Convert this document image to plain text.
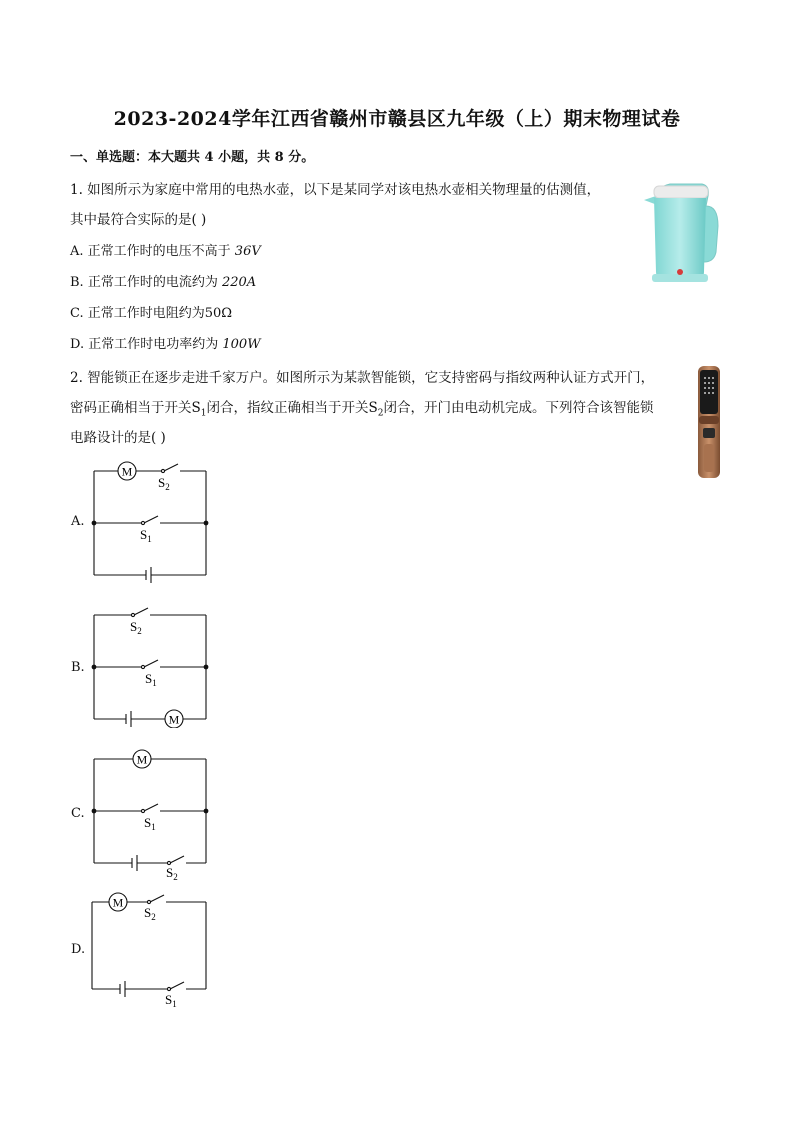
2023-2024学年江西省赣州市赣县区九年级（上）期末物理试卷
一、单选题：本大题共 4 小题，共 8 分。
1. 如图所示为家庭中常用的电热水壶，以下是某同学对该电热水壶相关物理量的估测值，
其中最符合实际的是( )
A. 正常工作时的电压不高于 36V
B. 正常工作时的电流约为 220A
C. 正常工作时电阻约为50Ω
D. 正常工作时电功率约为 100W
2. 智能锁正在逐步走进千家万户。如图所示为某款智能锁，它支持密码与指纹两种认证方式开门，
密码正确相当于开关$S_1$闭合，指纹正确相当于开关$S_2$闭合，开门由电动机完成。下列符合该智能锁
电路设计的是( )
A.
B.
C.
D.
M
$S_2$
$S_1$
$S_2$
$S_1$
M
M
$S_1$
$S_2$
M
$S_2$
$S_1$
